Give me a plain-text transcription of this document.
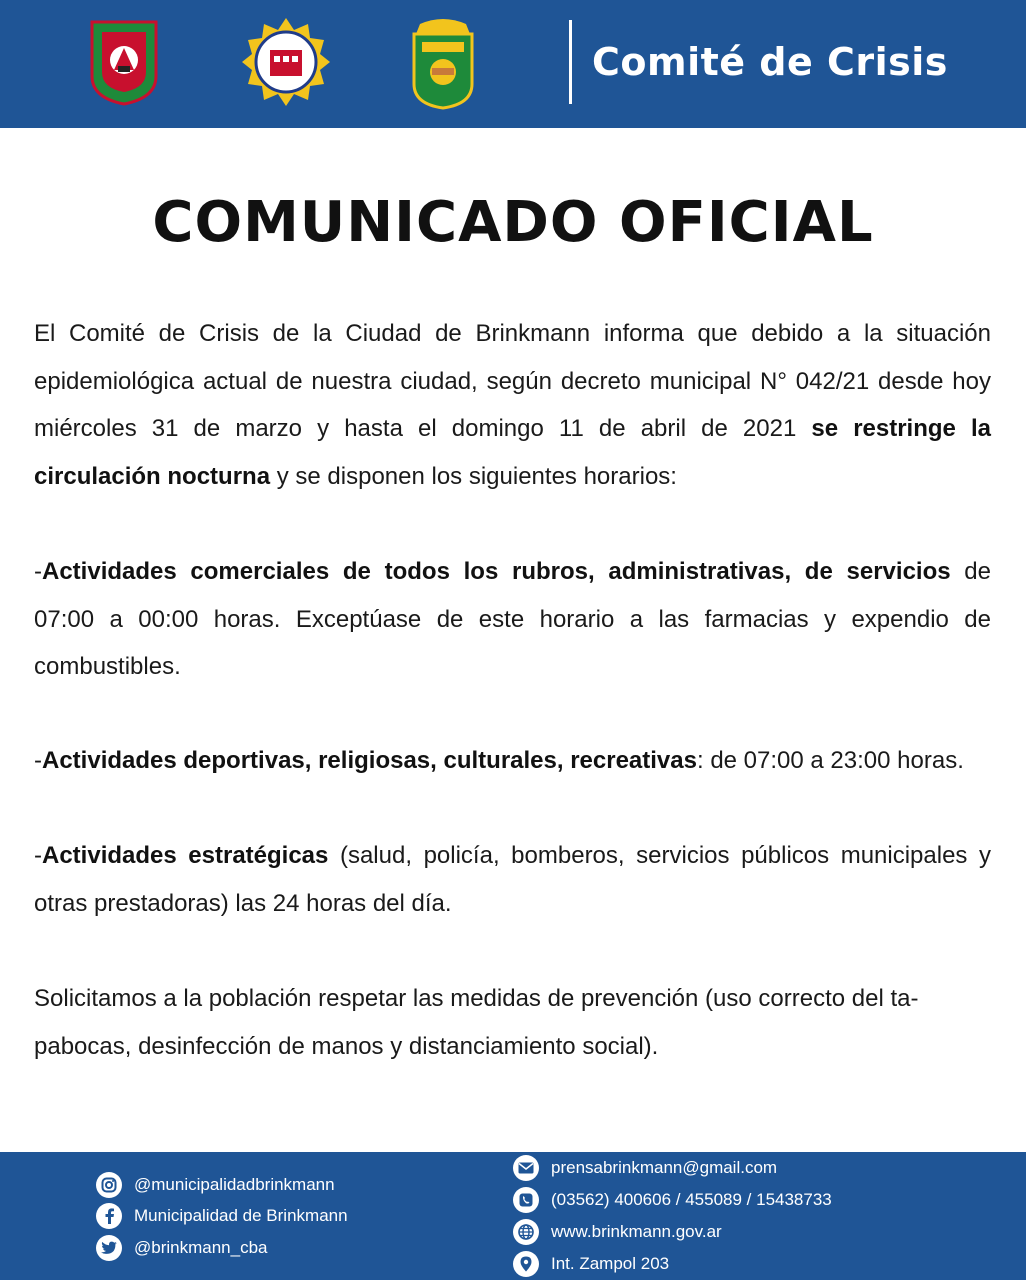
Comité de Crisis
COMUNICADO OFICIAL
El Comité de Crisis de la Ciudad de Brinkmann informa que debido a la situación epidemiológica actual de nuestra ciudad, según decreto municipal N° 042/21 desde hoy miércoles 31 de marzo y hasta el domingo 11 de abril de 2021 se restringe la circulación nocturna y se disponen los siguientes horarios:
-Actividades comerciales de todos los rubros, administrativas, de servicios de 07:00 a 00:00 horas. Exceptúase de este horario a las farmacias y expendio de combustibles.
-Actividades deportivas, religiosas, culturales, recreativas: de 07:00 a 23:00 horas.
-Actividades estratégicas (salud, policía, bomberos, servicios públicos municipales y otras prestadoras) las 24 horas del día.
Solicitamos a la población respetar las medidas de prevención (uso correcto del ta-
pabocas, desinfección de manos y distanciamiento social).
@municipalidadbrinkmann
Municipalidad de Brinkmann
@brinkmann_cba
prensabrinkmann@gmail.com
(03562) 400606 / 455089 / 15438733
www.brinkmann.gov.ar
Int. Zampol 203
